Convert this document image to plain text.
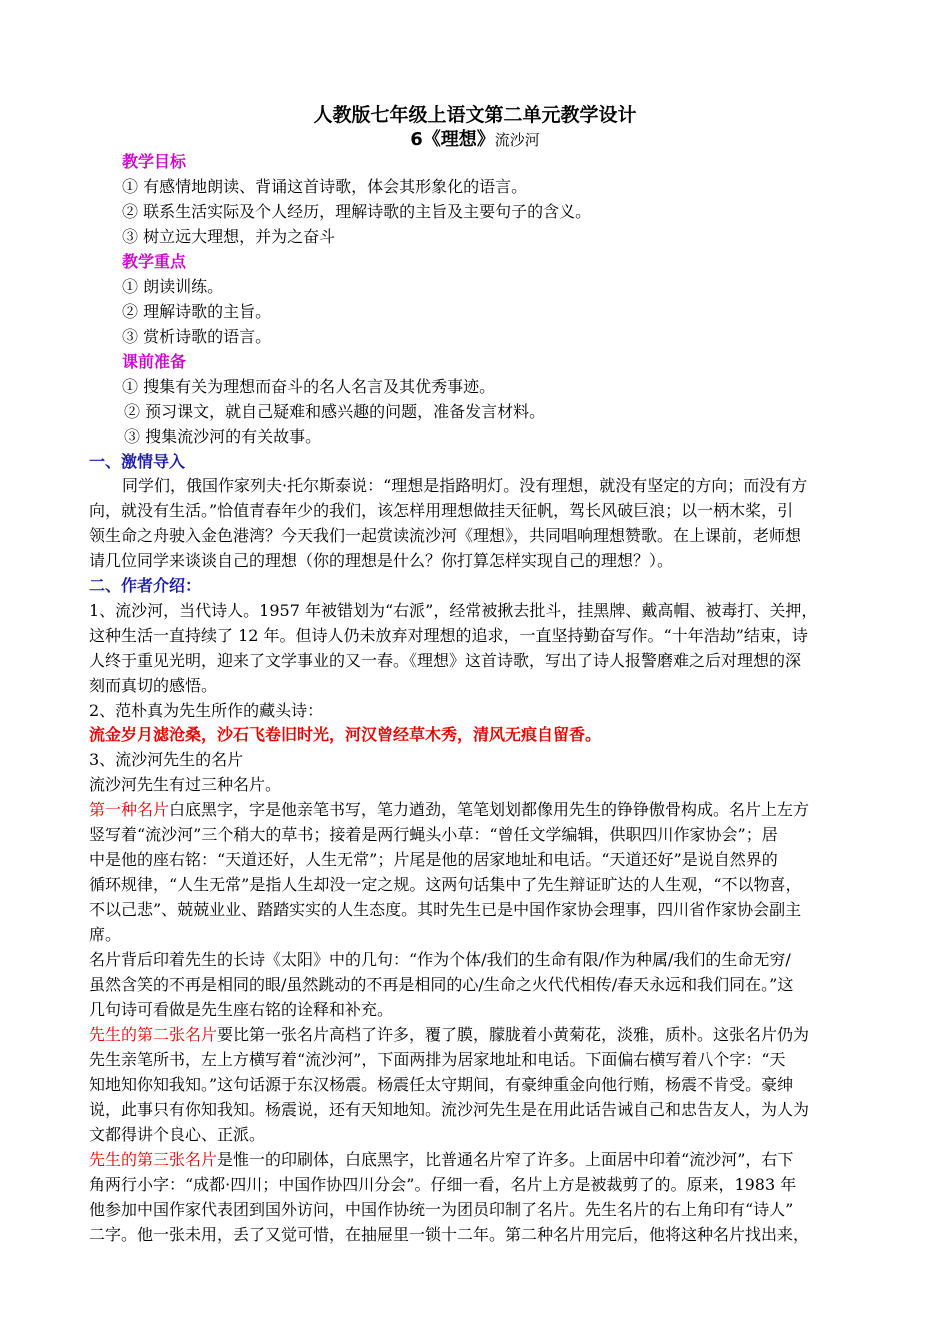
人教版七年级上语文第二单元教学设计
6《理想》流沙河
教学目标
① 有感情地朗读、背诵这首诗歌，体会其形象化的语言。
② 联系生活实际及个人经历，理解诗歌的主旨及主要句子的含义。
③ 树立远大理想，并为之奋斗
教学重点
① 朗读训练。
② 理解诗歌的主旨。
③ 赏析诗歌的语言。
课前准备
① 搜集有关为理想而奋斗的名人名言及其优秀事迹。
② 预习课文，就自己疑难和感兴趣的问题，准备发言材料。
③ 搜集流沙河的有关故事。
一、激情导入
同学们，俄国作家列夫·托尔斯泰说：“理想是指路明灯。没有理想，就没有坚定的方向；而没有方
向，就没有生活。”恰值青春年少的我们，该怎样用理想做挂天征帆，驾长风破巨浪；以一柄木桨，引
领生命之舟驶入金色港湾？今天我们一起赏读流沙河《理想》，共同唱响理想赞歌。在上课前，老师想
请几位同学来谈谈自己的理想（你的理想是什么？你打算怎样实现自己的理想？）。
二、作者介绍：
1、流沙河，当代诗人。1957 年被错划为“右派”，经常被揪去批斗，挂黑牌、戴高帽、被毒打、关押，
这种生活一直持续了 12 年。但诗人仍未放弃对理想的追求，一直坚持勤奋写作。“十年浩劫”结束，诗
人终于重见光明，迎来了文学事业的又一春。《理想》这首诗歌，写出了诗人报警磨难之后对理想的深
刻而真切的感悟。
2、范朴真为先生所作的藏头诗：
流金岁月滤沧桑，沙石飞卷旧时光，河汉曾经草木秀，清风无痕自留香。
3、流沙河先生的名片
流沙河先生有过三种名片。
第一种名片白底黑字，字是他亲笔书写，笔力遒劲，笔笔划划都像用先生的铮铮傲骨构成。名片上左方
竖写着“流沙河”三个稍大的草书；接着是两行蝇头小草：“曾任文学编辑，供职四川作家协会”；居
中是他的座右铭：“天道还好，人生无常”；片尾是他的居家地址和电话。“天道还好”是说自然界的
循环规律，“人生无常”是指人生却没一定之规。这两句话集中了先生辩证旷达的人生观，“不以物喜，
不以己悲”、兢兢业业、踏踏实实的人生态度。其时先生已是中国作家协会理事，四川省作家协会副主
席。
名片背后印着先生的长诗《太阳》中的几句：“作为个体/我们的生命有限/作为种属/我们的生命无穷/
虽然含笑的不再是相同的眼/虽然跳动的不再是相同的心/生命之火代代相传/春天永远和我们同在。”这
几句诗可看做是先生座右铭的诠释和补充。
先生的第二张名片要比第一张名片高档了许多，覆了膜，朦胧着小黄菊花，淡雅，质朴。这张名片仍为
先生亲笔所书，左上方横写着“流沙河”，下面两排为居家地址和电话。下面偏右横写着八个字：“天
知地知你知我知。”这句话源于东汉杨震。杨震任太守期间，有豪绅重金向他行贿，杨震不肯受。豪绅
说，此事只有你知我知。杨震说，还有天知地知。流沙河先生是在用此话告诫自己和忠告友人，为人为
文都得讲个良心、正派。
先生的第三张名片是惟一的印刷体，白底黑字，比普通名片窄了许多。上面居中印着“流沙河”，右下
角两行小字：“成都·四川；中国作协四川分会”。仔细一看，名片上方是被裁剪了的。原来，1983 年
他参加中国作家代表团到国外访问，中国作协统一为团员印制了名片。先生名片的右上角印有“诗人”
二字。他一张未用，丢了又觉可惜，在抽屉里一锁十二年。第二种名片用完后，他将这种名片找出来，
